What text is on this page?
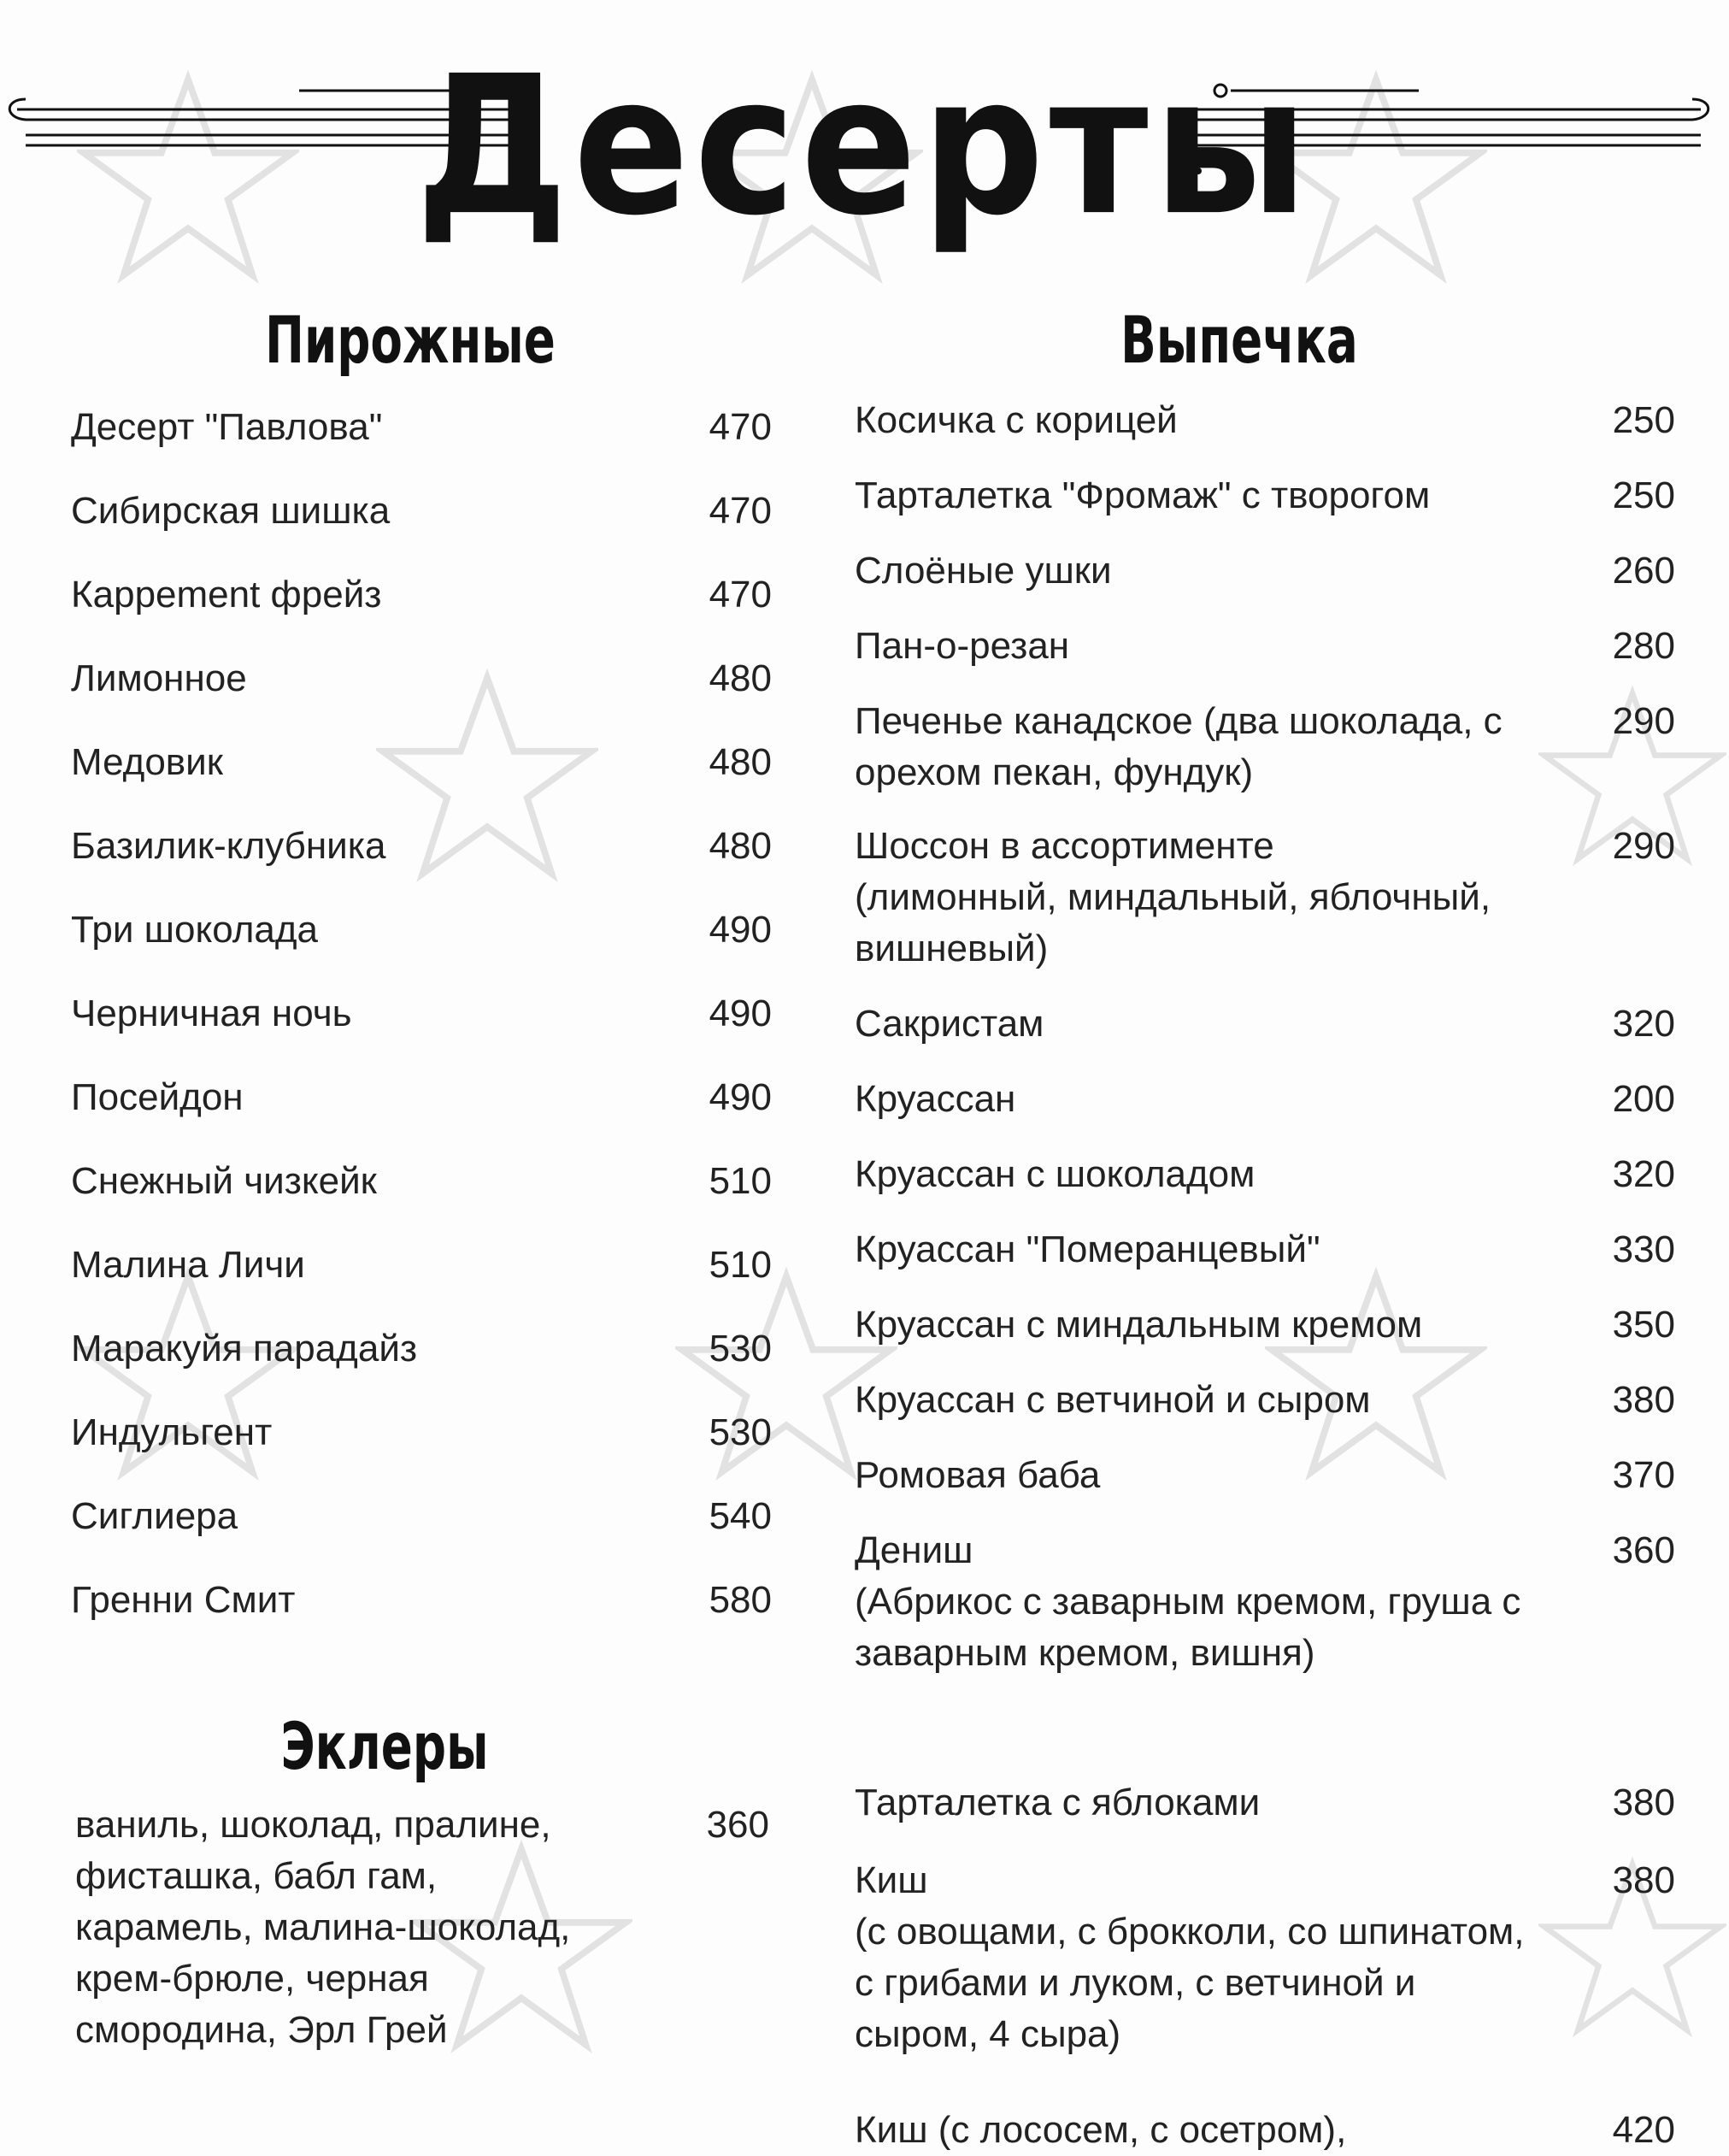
Десерты
Пирожные	Выпечка
Эклеры
Десерт "Павлова"	470
Сибирская шишка	470
Каррement фрейз	470
Лимонное	480
Медовик	480
Базилик-клубника	480
Три шоколада	490
Черничная ночь	490
Посейдон	490
Снежный чизкейк	510
Малина Личи	510
Маракуйя парадайз	530
Индульгент	530
Сиглиера	540
Гренни Смит	580
ваниль, шоколад, пралине,
фисташка, бабл гам,
карамель, малина-шоколад,
крем-брюле, черная
смородина, Эрл Грей
360
Косичка с корицей	250
Тарталетка "Фромаж" с творогом	250
Слоёные ушки	260
Пан-о-резан	280
Печенье канадское (два шоколада, с
орехом пекан, фундук)
290
Шоссон в ассортименте
(лимонный, миндальный, яблочный,
вишневый)
290
Сакристам	320
Круассан	200
Круассан с шоколадом	320
Круассан "Померанцевый"	330
Круассан с миндальным кремом	350
Круассан с ветчиной и сыром	380
Ромовая баба	370
Дениш
(Абрикос с заварным кремом, груша с
заварным кремом, вишня)
360
Тарталетка с яблоками	380
Киш
(с овощами, с брокколи, со шпинатом,
с грибами и луком, с ветчиной и
сыром, 4 сыра)
380
Киш (с лососем, с осетром),	420
